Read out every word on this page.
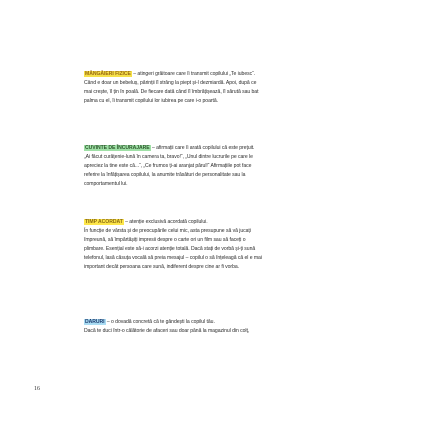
MÂNGÂIERI FIZICE – atingeri grăitoare care îi transmit copilului „Te iubesc“.
Când e doar un bebeluș, părinții îl strâng la piept și-l dezmiardă. Apoi, după ce
mai crește, îl țin în poală. De fiecare dată când îl îmbrățișează, îl sărută sau bat
palma cu el, îi transmit copilului lor iubirea pe care i-o poartă.
CUVINTE DE ÎNCURAJARE – afirmații care îi arată copilului că este prețuit.
„Ai făcut curățenie-lună în camera ta, bravo!“, „Unul dintre lucrurile pe care le
apreciez la tine este că...“, „Ce frumos ți-ai aranjat părul!“ Afirmațiile pot face
referire la înfățișarea copilului, la anumite trăsături de personalitate sau la
comportamentul lui.
TIMP ACORDAT – atenție exclusivă acordată copilului.
În funcție de vârsta și de preocupările celui mic, asta presupune să vă jucați
împreună, să împărtășiți impresii despre o carte ori un film sau să faceți o
plimbare. Esențial este să-i acorzi atenție totală. Dacă stați de vorbă și-ți sună
telefonul, lasă căsuța vocală să preia mesajul – copilul o să înțeleagă că el e mai
important decât persoana care sună, indiferent despre cine ar fi vorba.
DARURI – o dovadă concretă că te gândești la copilul tău.
Dacă te duci într-o călătorie de afaceri sau doar până la magazinul din colț,
16
